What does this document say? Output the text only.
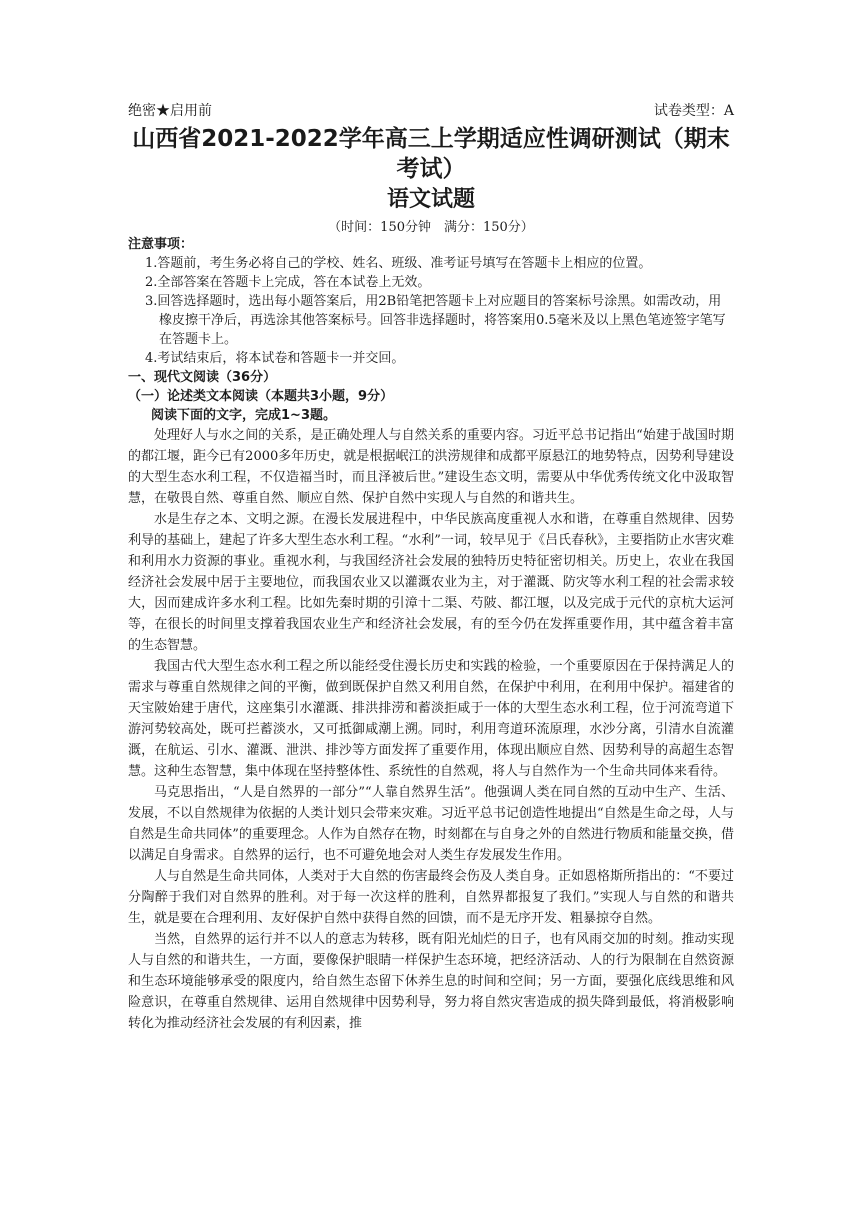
绝密★启用前	试卷类型：A
山西省2021-2022学年高三上学期适应性调研测试（期末考试）
语文试题
（时间：150分钟　满分：150分）
注意事项：
1.答题前，考生务必将自己的学校、姓名、班级、准考证号填写在答题卡上相应的位置。
2.全部答案在答题卡上完成，答在本试卷上无效。
3.回答选择题时，选出每小题答案后，用2B铅笔把答题卡上对应题目的答案标号涂黑。如需改动，用橡皮擦干净后，再选涂其他答案标号。回答非选择题时，将答案用0.5毫米及以上黑色笔迹签字笔写在答题卡上。
4.考试结束后，将本试卷和答题卡一并交回。
一、现代文阅读（36分）
（一）论述类文本阅读（本题共3小题，9分）
阅读下面的文字，完成1~3题。

处理好人与水之间的关系，是正确处理人与自然关系的重要内容。习近平总书记指出“始建于战国时期的都江堰，距今已有2000多年历史，就是根据岷江的洪涝规律和成都平原悬江的地势特点，因势利导建设的大型生态水利工程，不仅造福当时，而且泽被后世。”建设生态文明，需要从中华优秀传统文化中汲取智慧，在敬畏自然、尊重自然、顺应自然、保护自然中实现人与自然的和谐共生。

水是生存之本、文明之源。在漫长发展进程中，中华民族高度重视人水和谐，在尊重自然规律、因势利导的基础上，建起了许多大型生态水利工程。“水利”一词，较早见于《吕氏春秋》，主要指防止水害灾难和利用水力资源的事业。重视水利，与我国经济社会发展的独特历史特征密切相关。历史上，农业在我国经济社会发展中居于主要地位，而我国农业又以灌溉农业为主，对于灌溉、防灾等水利工程的社会需求较大，因而建成许多水利工程。比如先秦时期的引漳十二渠、芍陂、都江堰，以及完成于元代的京杭大运河等，在很长的时间里支撑着我国农业生产和经济社会发展，有的至今仍在发挥重要作用，其中蕴含着丰富的生态智慧。

我国古代大型生态水利工程之所以能经受住漫长历史和实践的检验，一个重要原因在于保持满足人的需求与尊重自然规律之间的平衡，做到既保护自然又利用自然，在保护中利用，在利用中保护。福建省的天宝陂始建于唐代，这座集引水灌溉、排洪排涝和蓄淡拒咸于一体的大型生态水利工程，位于河流弯道下游河势较高处，既可拦蓄淡水，又可抵御咸潮上溯。同时，利用弯道环流原理，水沙分离，引清水自流灌溉，在航运、引水、灌溉、泄洪、排沙等方面发挥了重要作用，体现出顺应自然、因势利导的高超生态智慧。这种生态智慧，集中体现在坚持整体性、系统性的自然观，将人与自然作为一个生命共同体来看待。

马克思指出，“人是自然界的一部分”“人靠自然界生活”。他强调人类在同自然的互动中生产、生活、发展，不以自然规律为依据的人类计划只会带来灾难。习近平总书记创造性地提出“自然是生命之母，人与自然是生命共同体”的重要理念。人作为自然存在物，时刻都在与自身之外的自然进行物质和能量交换，借以满足自身需求。自然界的运行，也不可避免地会对人类生存发展发生作用。

人与自然是生命共同体，人类对于大自然的伤害最终会伤及人类自身。正如恩格斯所指出的：“不要过分陶醉于我们对自然界的胜利。对于每一次这样的胜利，自然界都报复了我们。”实现人与自然的和谐共生，就是要在合理利用、友好保护自然中获得自然的回馈，而不是无序开发、粗暴掠夺自然。

当然，自然界的运行并不以人的意志为转移，既有阳光灿烂的日子，也有风雨交加的时刻。推动实现人与自然的和谐共生，一方面，要像保护眼睛一样保护生态环境，把经济活动、人的行为限制在自然资源和生态环境能够承受的限度内，给自然生态留下休养生息的时间和空间；另一方面，要强化底线思维和风险意识，在尊重自然规律、运用自然规律中因势利导，努力将自然灾害造成的损失降到最低，将消极影响转化为推动经济社会发展的有利因素，推
